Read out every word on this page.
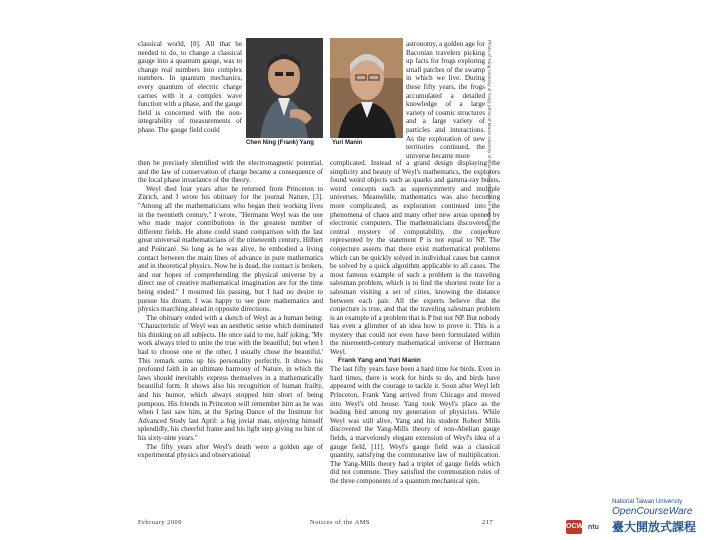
classical world, [8]. All that he needed to do, to change a classical gauge into a quantum gauge, was to change real numbers into complex numbers. In quantum mechanics, every quantum of electric charge carries with it a complex wave function with a phase, and the gauge field is concerned with the non-integrability of measurements of phase. The gauge field could

Chen Ning (Frank) Yang	Yuri Manin

astronomy, a golden age for Baconian travelers picking up facts for frogs exploring small patches of the swamp in which we live. During these fifty years, the frogs accumulated a detailed knowledge of a large variety of cosmic structures and a large variety of particles and interactions. As the exploration of new territories continued, the universe became more	Photo of Yang courtesy of Yang; photo of Manin courtesy of Max Planck Institute for Mathematics

then be precisely identified with the electromagnetic potential, and the law of conservation of charge became a consequence of the local phase invariance of the theory.

Weyl died four years after he returned from Princeton to Zürich, and I wrote his obituary for the journal Nature, [3]. "Among all the mathematicians who began their working lives in the twentieth century," I wrote, "Hermann Weyl was the one who made major contributions in the greatest number of different fields. He alone could stand comparison with the last great universal mathematicians of the nineteenth century, Hilbert and Poincaré. So long as he was alive, he embodied a living contact between the main lines of advance in pure mathematics and in theoretical physics. Now he is dead, the contact is broken, and our hopes of comprehending the physical universe by a direct use of creative mathematical imagination are for the time being ended." I mourned his passing, but I had no desire to pursue his dream. I was happy to see pure mathematics and physics marching ahead in opposite directions.

The obituary ended with a sketch of Weyl as a human being: "Characteristic of Weyl was an aesthetic sense which dominated his thinking on all subjects. He once said to me, half joking, 'My work always tried to unite the true with the beautiful; but when I had to choose one or the other, I usually chose the beautiful.' This remark sums up his personality perfectly. It shows his profound faith in an ultimate harmony of Nature, in which the laws should inevitably express themselves in a mathematically beautiful form. It shows also his recognition of human frailty, and his humor, which always stopped him short of being pompous. His friends in Princeton will remember him as he was when I last saw him, at the Spring Dance of the Institute for Advanced Study last April: a big jovial man, enjoying himself splendidly, his cheerful frame and his light step giving no hint of his sixty-nine years."

The fifty years after Weyl's death were a golden age of experimental physics and observational

complicated. Instead of a grand design displaying the simplicity and beauty of Weyl's mathematics, the explorers found weird objects such as quarks and gamma-ray bursts, weird concepts such as supersymmetry and multiple universes. Meanwhile, mathematics was also becoming more complicated, as exploration continued into the phenomena of chaos and many other new areas opened by electronic computers. The mathematicians discovered the central mystery of computability, the conjecture represented by the statement P is not equal to NP. The conjecture asserts that there exist mathematical problems which can be quickly solved in individual cases but cannot be solved by a quick algorithm applicable to all cases. The most famous example of such a problem is the traveling salesman problem, which is to find the shortest route for a salesman visiting a set of cities, knowing the distance between each pair. All the experts believe that the conjecture is true, and that the traveling salesman problem is an example of a problem that is P but not NP. But nobody has even a glimmer of an idea how to prove it. This is a mystery that could not even have been formulated within the nineteenth-century mathematical universe of Hermann Weyl.

Frank Yang and Yuri Manin

The last fifty years have been a hard time for birds. Even in hard times, there is work for birds to do, and birds have appeared with the courage to tackle it. Soon after Weyl left Princeton, Frank Yang arrived from Chicago and moved into Weyl's old house. Yang took Weyl's place as the leading bird among my generation of physicists. While Weyl was still alive, Yang and his student Robert Mills discovered the Yang-Mills theory of non-Abelian gauge fields, a marvelously elegant extension of Weyl's idea of a gauge field, [11]. Weyl's gauge field was a classical quantity, satisfying the commutative law of multiplication. The Yang-Mills theory had a triplet of gauge fields which did not commute. They satisfied the commutation rules of the three components of a quantum mechanical spin,

February 2009	Notices of the AMS	217
OCW ntu
National Taiwan University
OpenCourseWare
臺大開放式課程
